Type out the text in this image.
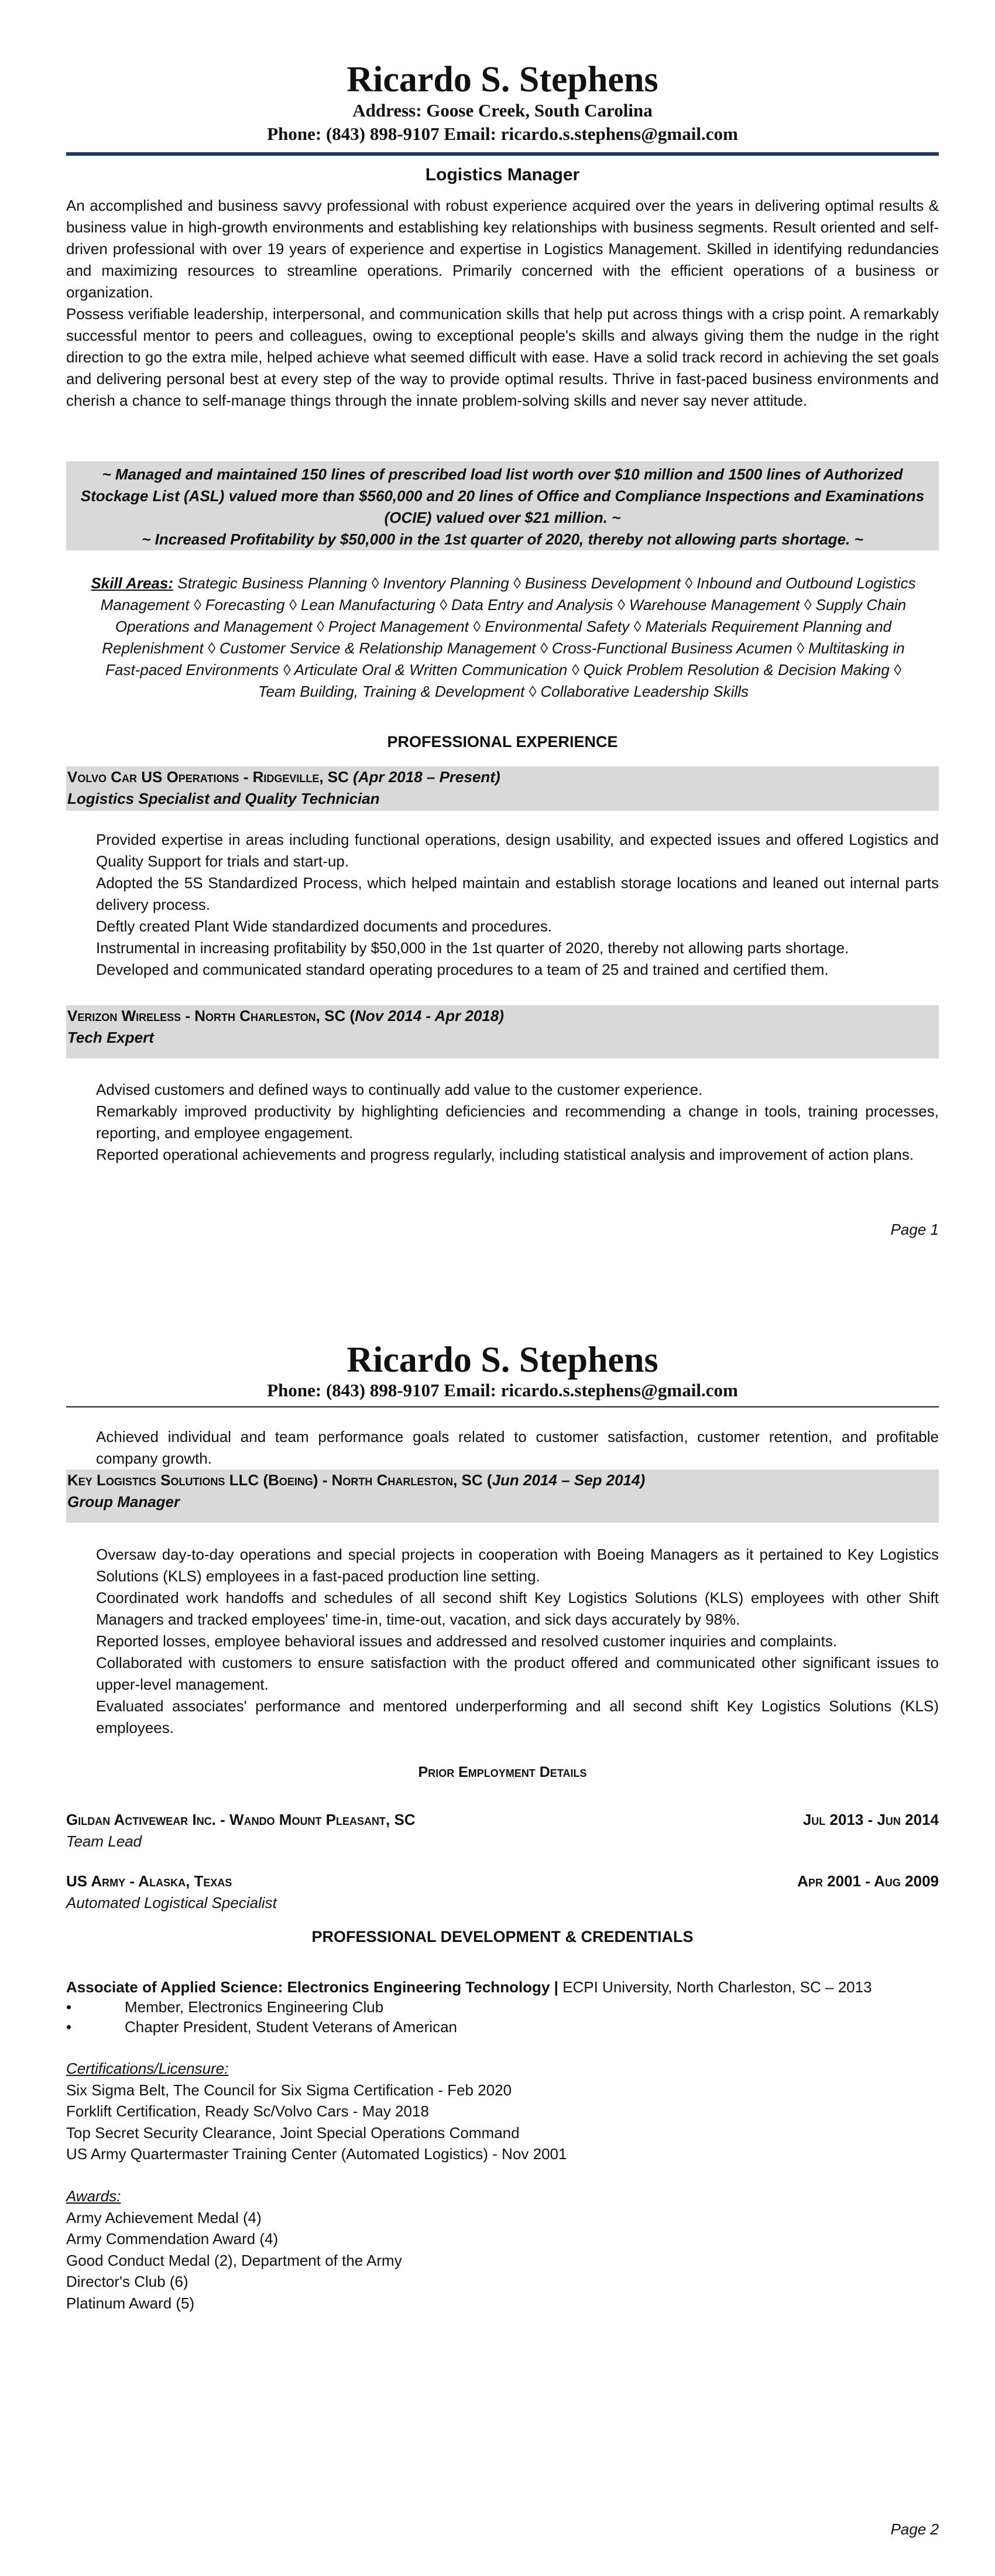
Ricardo S. Stephens
Address: Goose Creek, South Carolina
Phone: (843) 898-9107 Email: ricardo.s.stephens@gmail.com
Logistics Manager
An accomplished and business savvy professional with robust experience acquired over the years in delivering optimal results & business value in high-growth environments and establishing key relationships with business segments. Result oriented and self-driven professional with over 19 years of experience and expertise in Logistics Management. Skilled in identifying redundancies and maximizing resources to streamline operations. Primarily concerned with the efficient operations of a business or organization.
Possess verifiable leadership, interpersonal, and communication skills that help put across things with a crisp point. A remarkably successful mentor to peers and colleagues, owing to exceptional people's skills and always giving them the nudge in the right direction to go the extra mile, helped achieve what seemed difficult with ease. Have a solid track record in achieving the set goals and delivering personal best at every step of the way to provide optimal results. Thrive in fast-paced business environments and cherish a chance to self-manage things through the innate problem-solving skills and never say never attitude.
~ Managed and maintained 150 lines of prescribed load list worth over $10 million and 1500 lines of Authorized Stockage List (ASL) valued more than $560,000 and 20 lines of Office and Compliance Inspections and Examinations (OCIE) valued over $21 million. ~
~ Increased Profitability by $50,000 in the 1st quarter of 2020, thereby not allowing parts shortage. ~
Skill Areas: Strategic Business Planning ◊ Inventory Planning ◊ Business Development ◊ Inbound and Outbound Logistics Management ◊ Forecasting ◊ Lean Manufacturing ◊ Data Entry and Analysis ◊ Warehouse Management ◊ Supply Chain Operations and Management ◊ Project Management ◊ Environmental Safety ◊ Materials Requirement Planning and Replenishment ◊ Customer Service & Relationship Management ◊ Cross-Functional Business Acumen ◊ Multitasking in Fast-paced Environments ◊ Articulate Oral & Written Communication ◊ Quick Problem Resolution & Decision Making ◊ Team Building, Training & Development ◊ Collaborative Leadership Skills
PROFESSIONAL EXPERIENCE
Volvo Car US Operations - Ridgeville, SC (Apr 2018 – Present)
Logistics Specialist and Quality Technician
Provided expertise in areas including functional operations, design usability, and expected issues and offered Logistics and Quality Support for trials and start-up.
Adopted the 5S Standardized Process, which helped maintain and establish storage locations and leaned out internal parts delivery process.
Deftly created Plant Wide standardized documents and procedures.
Instrumental in increasing profitability by $50,000 in the 1st quarter of 2020, thereby not allowing parts shortage.
Developed and communicated standard operating procedures to a team of 25 and trained and certified them.
Verizon Wireless - North Charleston, SC (Nov 2014 - Apr 2018)
Tech Expert
Advised customers and defined ways to continually add value to the customer experience.
Remarkably improved productivity by highlighting deficiencies and recommending a change in tools, training processes, reporting, and employee engagement.
Reported operational achievements and progress regularly, including statistical analysis and improvement of action plans.
Page 1
Ricardo S. Stephens
Phone: (843) 898-9107 Email: ricardo.s.stephens@gmail.com
Achieved individual and team performance goals related to customer satisfaction, customer retention, and profitable company growth.
Key Logistics Solutions LLC (Boeing) - North Charleston, SC (Jun 2014 – Sep 2014)
Group Manager
Oversaw day-to-day operations and special projects in cooperation with Boeing Managers as it pertained to Key Logistics Solutions (KLS) employees in a fast-paced production line setting.
Coordinated work handoffs and schedules of all second shift Key Logistics Solutions (KLS) employees with other Shift Managers and tracked employees' time-in, time-out, vacation, and sick days accurately by 98%.
Reported losses, employee behavioral issues and addressed and resolved customer inquiries and complaints.
Collaborated with customers to ensure satisfaction with the product offered and communicated other significant issues to upper-level management.
Evaluated associates' performance and mentored underperforming and all second shift Key Logistics Solutions (KLS) employees.
Prior Employment Details
Gildan Activewear Inc. - Wando Mount Pleasant, SC	Jul 2013 - Jun 2014
Team Lead
US Army - Alaska, Texas	Apr 2001 - Aug 2009
Automated Logistical Specialist
PROFESSIONAL DEVELOPMENT & CREDENTIALS
Associate of Applied Science: Electronics Engineering Technology | ECPI University, North Charleston, SC – 2013
•	Member, Electronics Engineering Club
•	Chapter President, Student Veterans of American
Certifications/Licensure:
Six Sigma Belt, The Council for Six Sigma Certification - Feb 2020
Forklift Certification, Ready Sc/Volvo Cars - May 2018
Top Secret Security Clearance, Joint Special Operations Command
US Army Quartermaster Training Center (Automated Logistics) - Nov 2001
Awards:
Army Achievement Medal (4)
Army Commendation Award (4)
Good Conduct Medal (2), Department of the Army
Director's Club (6)
Platinum Award (5)
Page 2
